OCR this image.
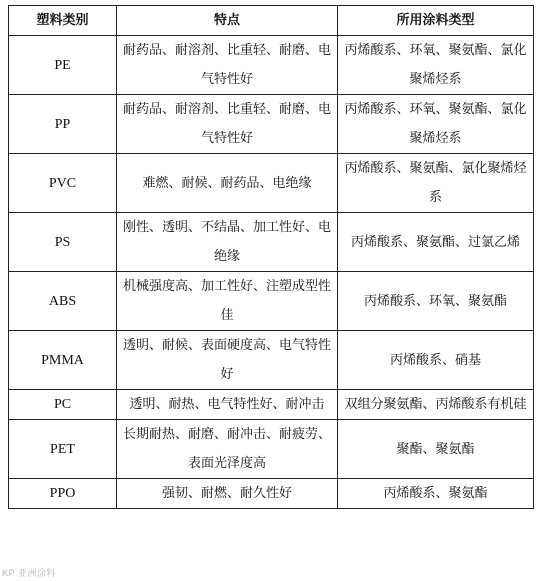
塑料类别	特点	所用涂料类型
PE	耐药品、耐溶剂、比重轻、耐磨、电气特性好	丙烯酸系、环氧、聚氨酯、氯化聚烯烃系
PP	耐药品、耐溶剂、比重轻、耐磨、电气特性好	丙烯酸系、环氧、聚氨酯、氯化聚烯烃系
PVC	难燃、耐候、耐药品、电绝缘	丙烯酸系、聚氨酯、氯化聚烯烃系
PS	刚性、透明、不结晶、加工性好、电绝缘	丙烯酸系、聚氨酯、过氯乙烯
ABS	机械强度高、加工性好、注塑成型性佳	丙烯酸系、环氧、聚氨酯
PMMA	透明、耐候、表面硬度高、电气特性好	丙烯酸系、硝基
PC	透明、耐热、电气特性好、耐冲击	双组分聚氨酯、丙烯酸系有机硅
PET	长期耐热、耐磨、耐冲击、耐疲劳、表面光泽度高	聚酯、聚氨酯
PPO	强韧、耐燃、耐久性好	丙烯酸系、聚氨酯
KP 亚洲涂料
